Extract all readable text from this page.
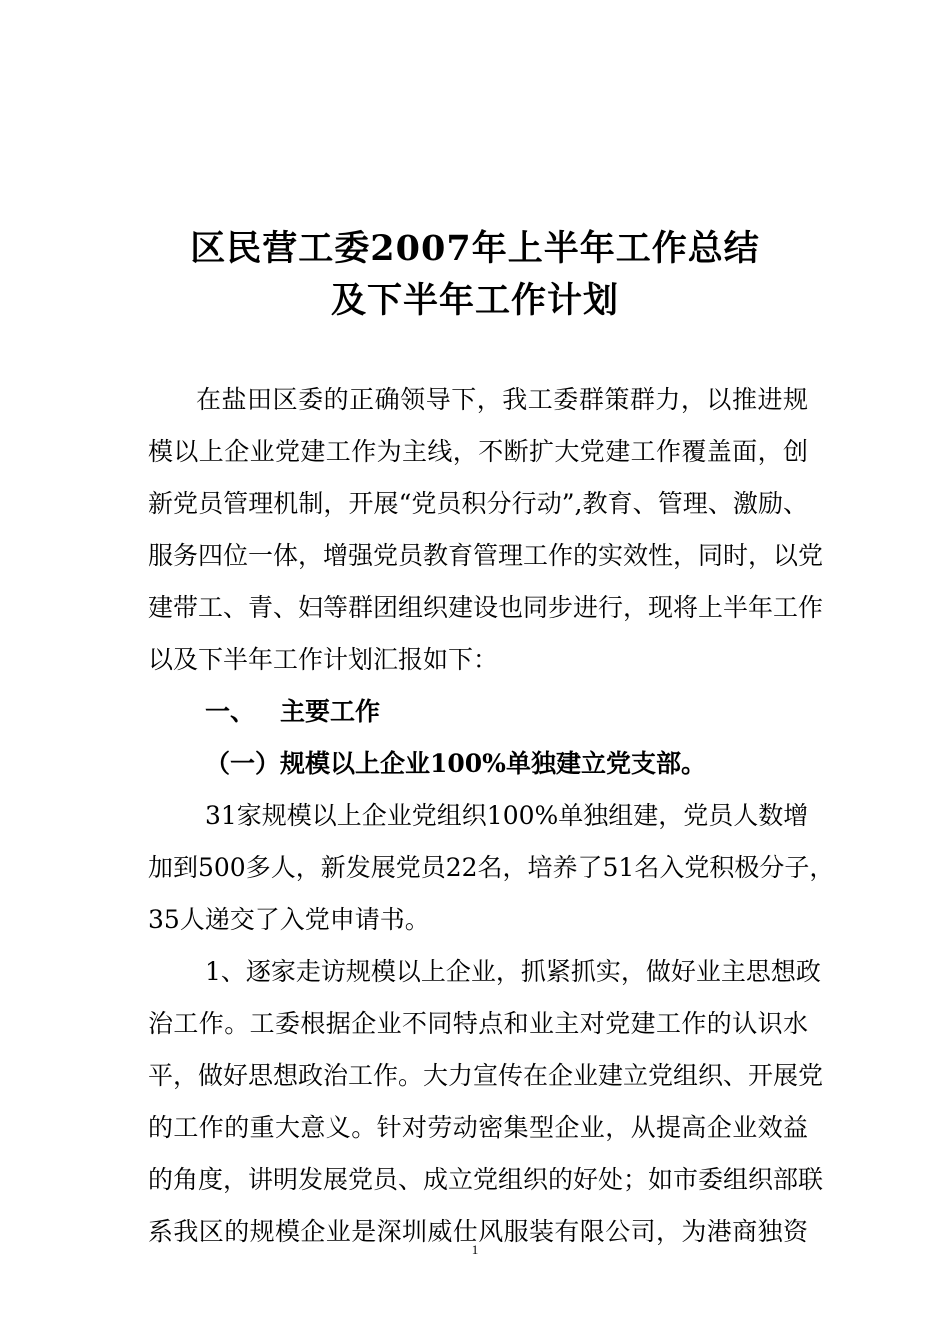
区民营工委2007年上半年工作总结
及下半年工作计划
在盐田区委的正确领导下，我工委群策群力，以推进规
模以上企业党建工作为主线，不断扩大党建工作覆盖面，创
新党员管理机制，开展“党员积分行动”,教育、管理、激励、
服务四位一体，增强党员教育管理工作的实效性，同时，以党
建带工、青、妇等群团组织建设也同步进行，现将上半年工作
以及下半年工作计划汇报如下：
一、 主要工作
（一）规模以上企业100%单独建立党支部。
31家规模以上企业党组织100%单独组建，党员人数增
加到500多人，新发展党员22名，培养了51名入党积极分子，
35人递交了入党申请书。
1、逐家走访规模以上企业，抓紧抓实，做好业主思想政
治工作。工委根据企业不同特点和业主对党建工作的认识水
平，做好思想政治工作。大力宣传在企业建立党组织、开展党
的工作的重大意义。针对劳动密集型企业，从提高企业效益
的角度，讲明发展党员、成立党组织的好处；如市委组织部联
系我区的规模企业是深圳威仕风服装有限公司，为港商独资
1
